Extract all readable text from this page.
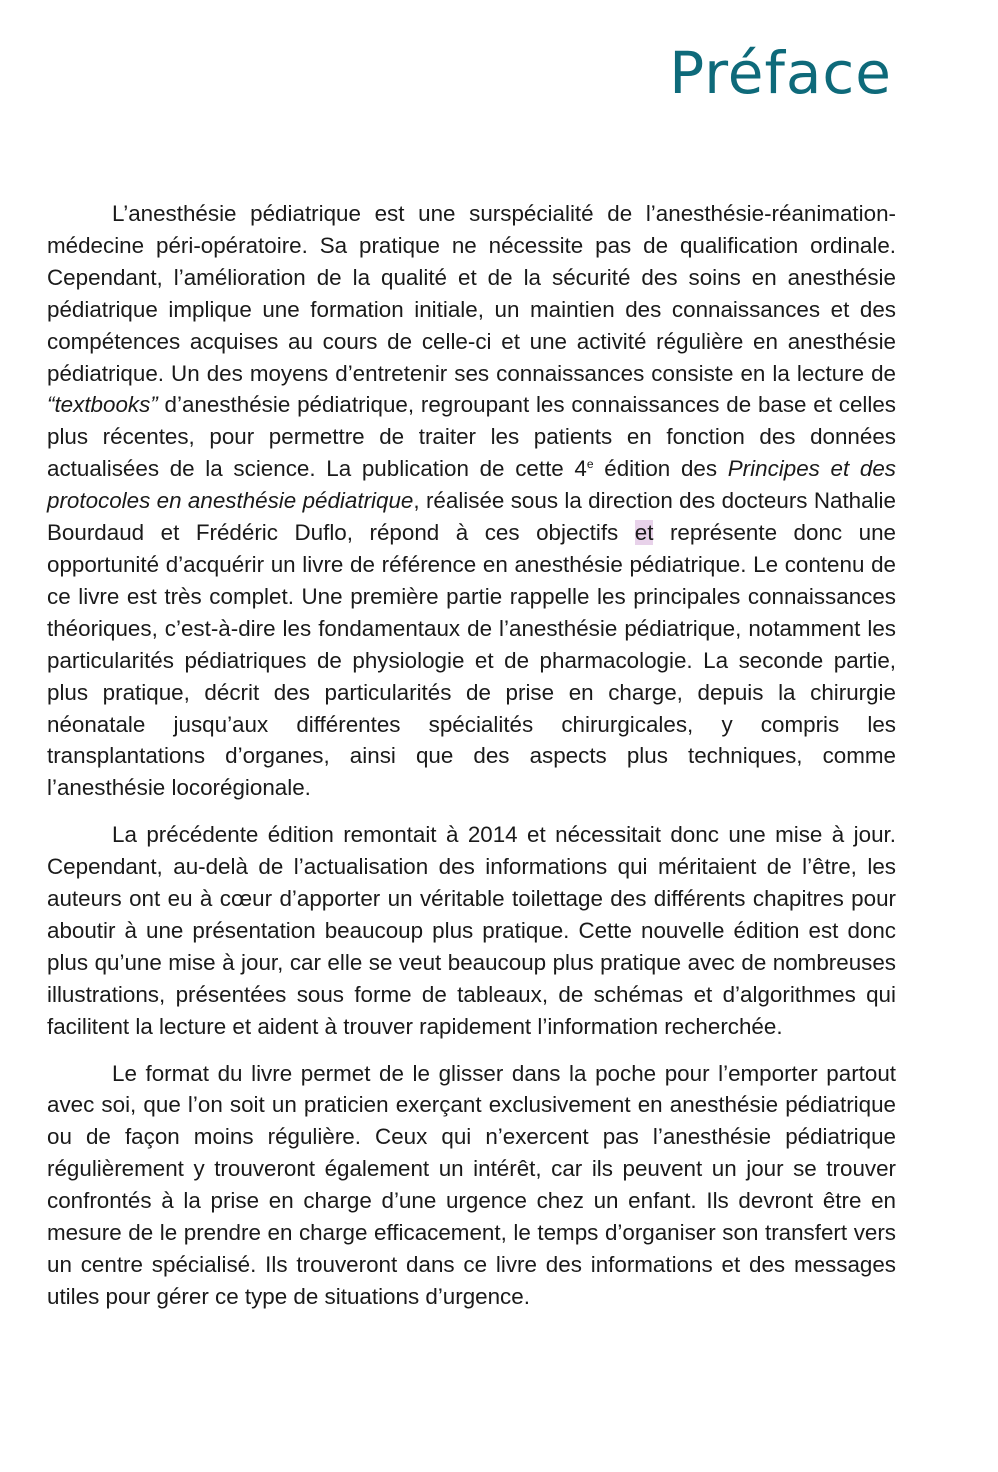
Préface

L’anesthésie pédiatrique est une surspécialité de l’anesthésie-réanimation-médecine péri-opératoire. Sa pratique ne nécessite pas de qualification ordinale. Cependant, l’amélioration de la qualité et de la sécurité des soins en anesthésie pédiatrique implique une formation initiale, un maintien des connaissances et des compétences acquises au cours de celle-ci et une activité régulière en anesthésie pédiatrique. Un des moyens d’entretenir ses connaissances consiste en la lecture de “textbooks” d’anesthésie pédiatrique, regroupant les connaissances de base et celles plus récentes, pour permettre de traiter les patients en fonction des données actualisées de la science. La publication de cette 4e édition des Principes et des protocoles en anesthésie pédiatrique, réalisée sous la direction des docteurs Nathalie Bourdaud et Frédéric Duflo, répond à ces objectifs et représente donc une opportunité d’acquérir un livre de référence en anesthésie pédiatrique. Le contenu de ce livre est très complet. Une première partie rappelle les principales connaissances théoriques, c’est-à-dire les fondamentaux de l’anesthésie pédiatrique, notamment les particularités pédiatriques de physiologie et de pharmacologie. La seconde partie, plus pratique, décrit des particularités de prise en charge, depuis la chirurgie néonatale jusqu’aux différentes spécialités chirurgicales, y compris les transplantations d’organes, ainsi que des aspects plus techniques, comme l’anesthésie locorégionale.

La précédente édition remontait à 2014 et nécessitait donc une mise à jour. Cependant, au-delà de l’actualisation des informations qui méritaient de l’être, les auteurs ont eu à cœur d’apporter un véritable toilettage des différents chapitres pour aboutir à une présentation beaucoup plus pratique. Cette nouvelle édition est donc plus qu’une mise à jour, car elle se veut beaucoup plus pratique avec de nombreuses illustrations, présentées sous forme de tableaux, de schémas et d’algorithmes qui facilitent la lecture et aident à trouver rapidement l’information recherchée.

Le format du livre permet de le glisser dans la poche pour l’emporter partout avec soi, que l’on soit un praticien exerçant exclusivement en anesthésie pédiatrique ou de façon moins régulière. Ceux qui n’exercent pas l’anesthésie pédiatrique régulièrement y trouveront également un intérêt, car ils peuvent un jour se trouver confrontés à la prise en charge d’une urgence chez un enfant. Ils devront être en mesure de le prendre en charge efficacement, le temps d’organiser son transfert vers un centre spécialisé. Ils trouveront dans ce livre des informations et des messages utiles pour gérer ce type de situations d’urgence.
